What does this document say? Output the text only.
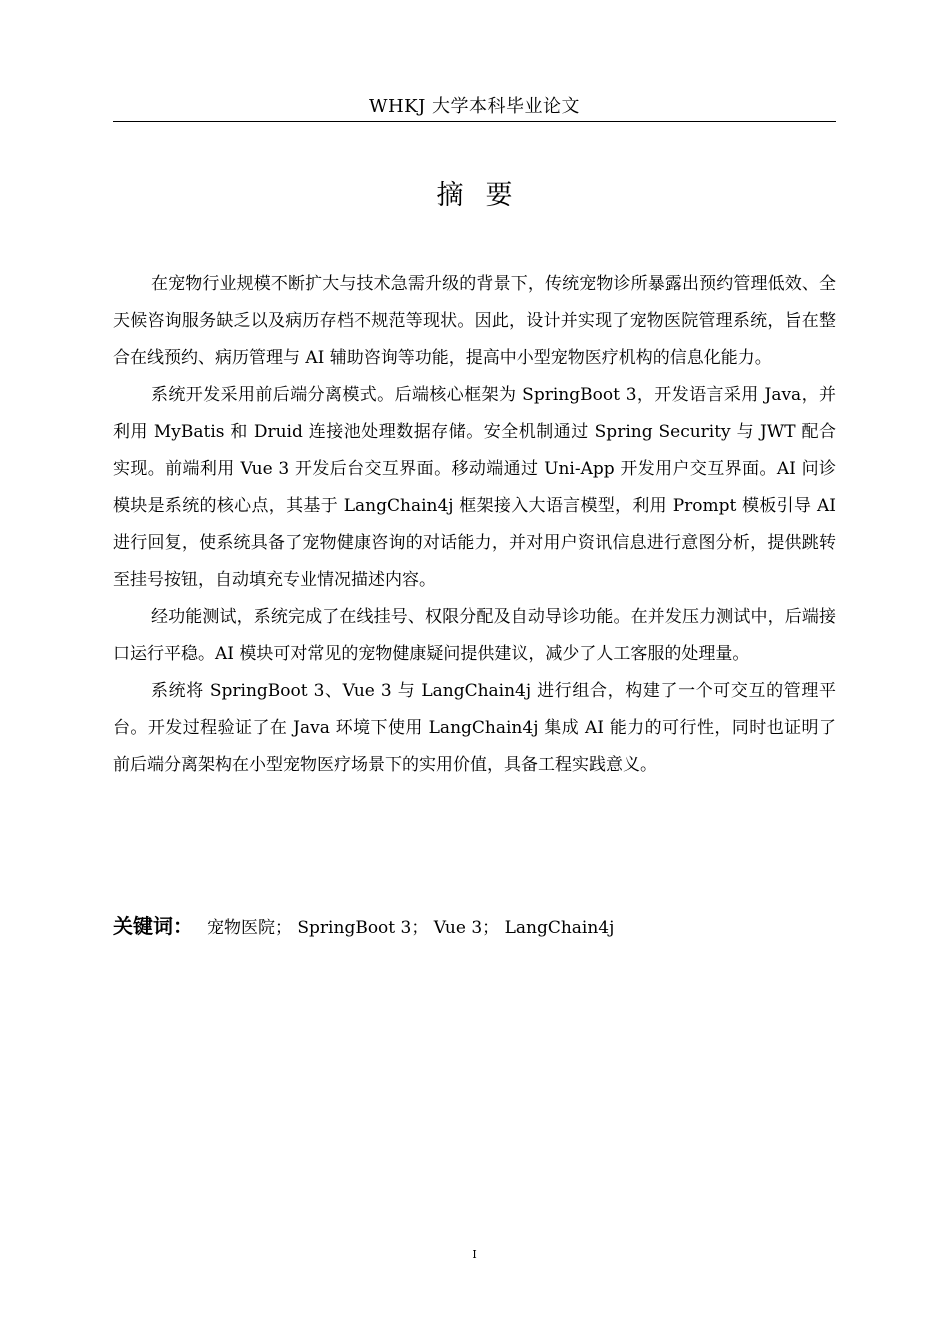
WHKJ 大学本科毕业论文
摘要

在宠物行业规模不断扩大与技术急需升级的背景下，传统宠物诊所暴露出预约管理低效、全天候咨询服务缺乏以及病历存档不规范等现状。因此，设计并实现了宠物医院管理系统，旨在整合在线预约、病历管理与 AI 辅助咨询等功能，提高中小型宠物医疗机构的信息化能力。

系统开发采用前后端分离模式。后端核心框架为 SpringBoot 3，开发语言采用 Java，并利用 MyBatis 和 Druid 连接池处理数据存储。安全机制通过 Spring Security 与 JWT 配合实现。前端利用 Vue 3 开发后台交互界面。移动端通过 Uni-App 开发用户交互界面。AI 问诊模块是系统的核心点，其基于 LangChain4j 框架接入大语言模型，利用 Prompt 模板引导 AI 进行回复，使系统具备了宠物健康咨询的对话能力，并对用户资讯信息进行意图分析，提供跳转至挂号按钮，自动填充专业情况描述内容。

经功能测试，系统完成了在线挂号、权限分配及自动导诊功能。在并发压力测试中，后端接口运行平稳。AI 模块可对常见的宠物健康疑问提供建议，减少了人工客服的处理量。

系统将 SpringBoot 3、Vue 3 与 LangChain4j 进行组合，构建了一个可交互的管理平台。开发过程验证了在 Java 环境下使用 LangChain4j 集成 AI 能力的可行性，同时也证明了前后端分离架构在小型宠物医疗场景下的实用价值，具备工程实践意义。

关键词： 宠物医院； SpringBoot 3； Vue 3； LangChain4j
I
